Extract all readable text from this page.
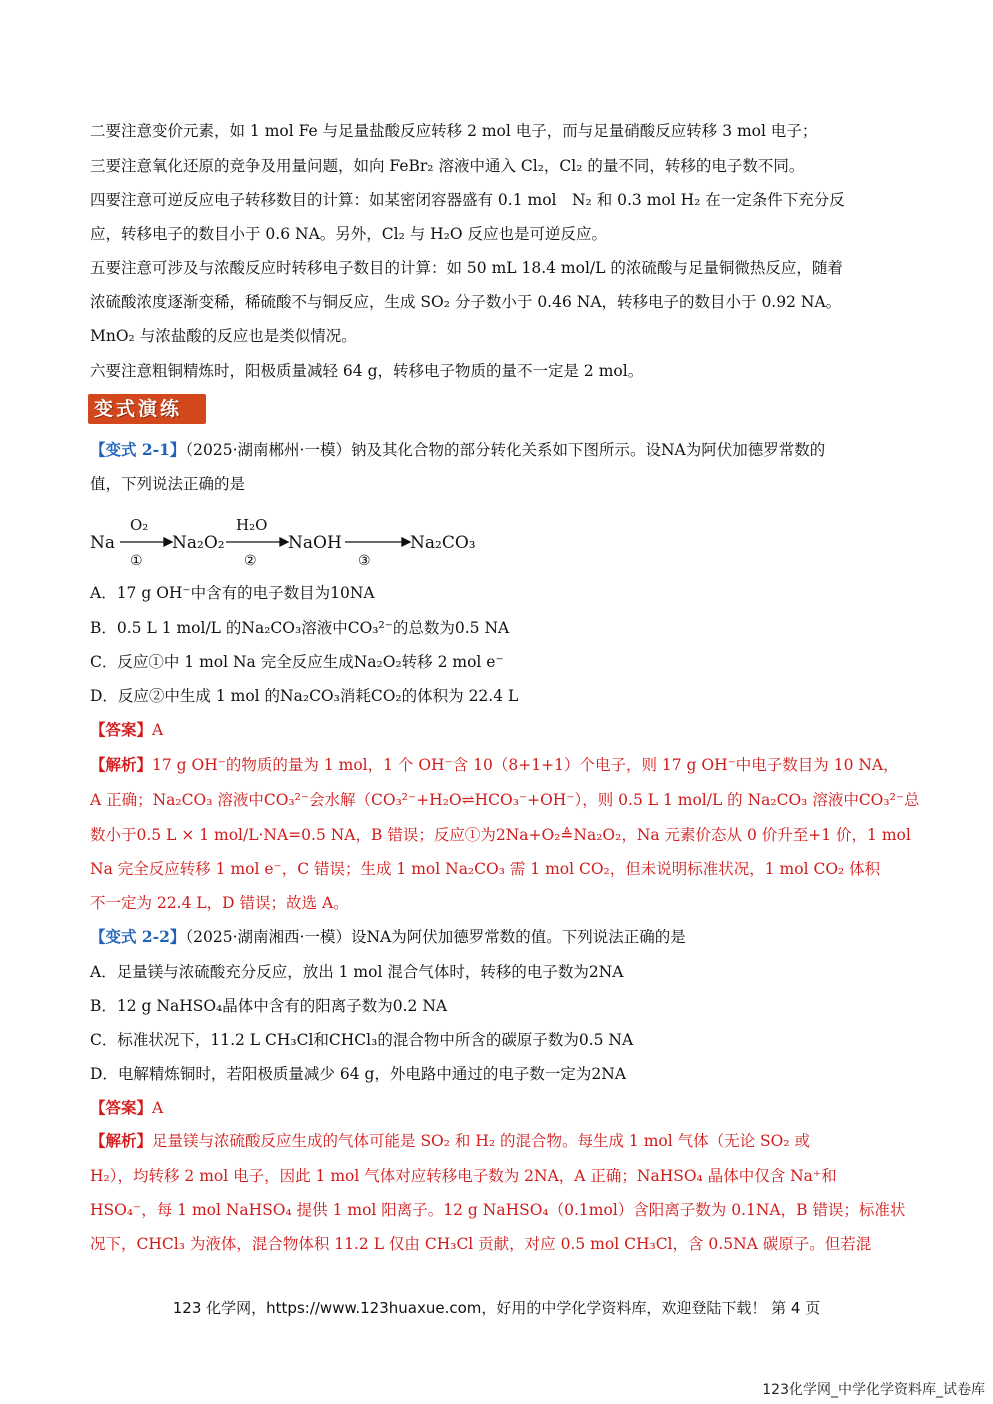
二要注意变价元素，如 1 mol Fe 与足量盐酸反应转移 2 mol 电子，而与足量硝酸反应转移 3 mol 电子；
三要注意氧化还原的竞争及用量问题，如向 FeBr₂ 溶液中通入 Cl₂，Cl₂ 的量不同，转移的电子数不同。
四要注意可逆反应电子转移数目的计算：如某密闭容器盛有 0.1 mol　N₂ 和 0.3 mol H₂ 在一定条件下充分反
应，转移电子的数目小于 0.6 NA。另外，Cl₂ 与 H₂O 反应也是可逆反应。
五要注意可涉及与浓酸反应时转移电子数目的计算：如 50 mL 18.4 mol/L 的浓硫酸与足量铜微热反应，随着
浓硫酸浓度逐渐变稀，稀硫酸不与铜反应，生成 SO₂ 分子数小于 0.46 NA，转移电子的数目小于 0.92 NA。
MnO₂ 与浓盐酸的反应也是类似情况。
六要注意粗铜精炼时，阳极质量减轻 64 g，转移电子物质的量不一定是 2 mol。
变式演练
【变式 2-1】（2025·湖南郴州·一模）钠及其化合物的部分转化关系如下图所示。设NA为阿伏加德罗常数的
值，下列说法正确的是
Na	Na₂O₂	NaOH	Na₂CO₃
O₂	H₂O
①	②	③
A．17 g OH⁻中含有的电子数目为10NA
B．0.5 L 1 mol/L 的Na₂CO₃溶液中CO₃²⁻的总数为0.5 NA
C．反应①中 1 mol Na 完全反应生成Na₂O₂转移 2 mol e⁻
D．反应②中生成 1 mol 的Na₂CO₃消耗CO₂的体积为 22.4 L
【答案】A
【解析】17 g OH⁻的物质的量为 1 mol，1 个 OH⁻含 10（8+1+1）个电子，则 17 g OH⁻中电子数目为 10 NA，
A 正确；Na₂CO₃ 溶液中CO₃²⁻会水解（CO₃²⁻+H₂O⇌HCO₃⁻+OH⁻），则 0.5 L 1 mol/L 的 Na₂CO₃ 溶液中CO₃²⁻总
数小于0.5 L × 1 mol/L·NA=0.5 NA，B 错误；反应①为2Na+O₂≜Na₂O₂，Na 元素价态从 0 价升至+1 价，1 mol
Na 完全反应转移 1 mol e⁻，C 错误；生成 1 mol Na₂CO₃ 需 1 mol CO₂，但未说明标准状况，1 mol CO₂ 体积
不一定为 22.4 L，D 错误；故选 A。
【变式 2-2】（2025·湖南湘西·一模）设NA为阿伏加德罗常数的值。下列说法正确的是
A．足量镁与浓硫酸充分反应，放出 1 mol 混合气体时，转移的电子数为2NA
B．12 g NaHSO₄晶体中含有的阳离子数为0.2 NA
C．标准状况下，11.2 L CH₃Cl和CHCl₃的混合物中所含的碳原子数为0.5 NA
D．电解精炼铜时，若阳极质量减少 64 g，外电路中通过的电子数一定为2NA
【答案】A
【解析】足量镁与浓硫酸反应生成的气体可能是 SO₂ 和 H₂ 的混合物。每生成 1 mol 气体（无论 SO₂ 或
H₂），均转移 2 mol 电子，因此 1 mol 气体对应转移电子数为 2NA，A 正确；NaHSO₄ 晶体中仅含 Na⁺和
HSO₄⁻，每 1 mol NaHSO₄ 提供 1 mol 阳离子。12 g NaHSO₄（0.1mol）含阳离子数为 0.1NA，B 错误；标准状
况下，CHCl₃ 为液体，混合物体积 11.2 L 仅由 CH₃Cl 贡献，对应 0.5 mol CH₃Cl，含 0.5NA 碳原子。但若混
123 化学网，https://www.123huaxue.com，好用的中学化学资料库，欢迎登陆下载！ 第 4 页
123化学网_中学化学资料库_试卷库
